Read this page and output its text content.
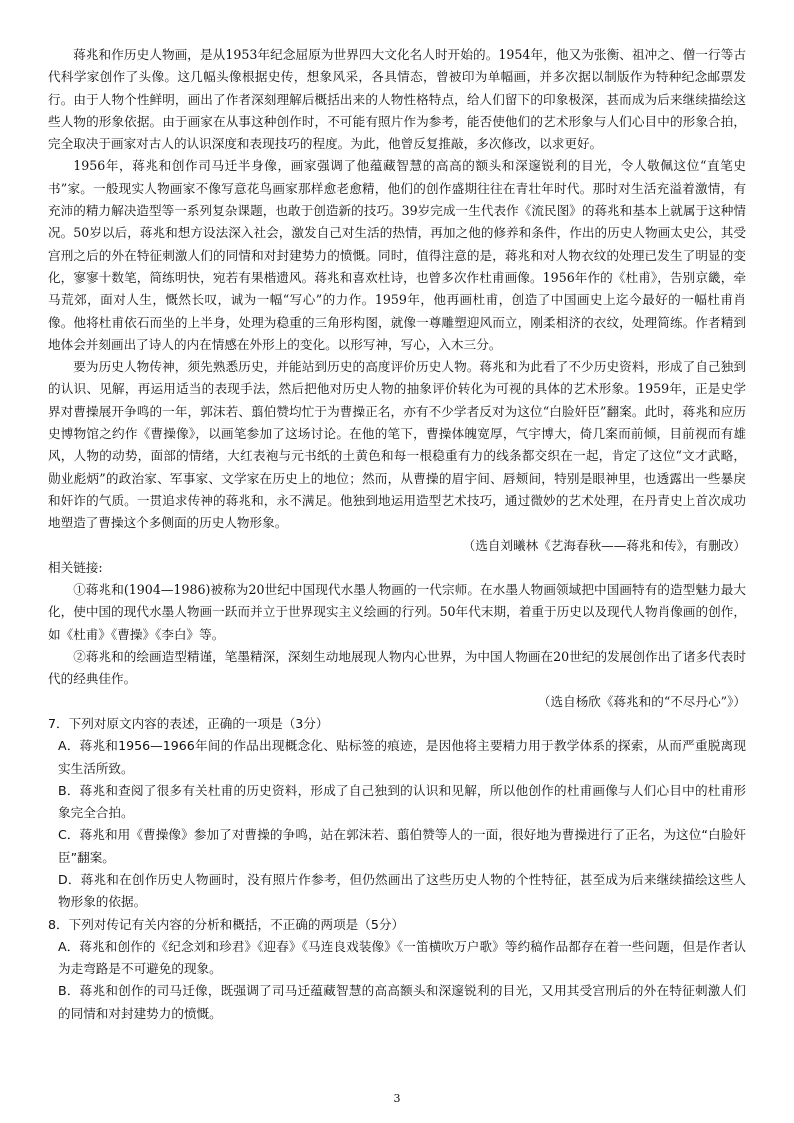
蒋兆和作历史人物画，是从1953年纪念屈原为世界四大文化名人时开始的。1954年，他又为张衡、祖冲之、僧一行等古代科学家创作了头像。这几幅头像根据史传，想象风采，各具情态，曾被印为单幅画，并多次据以制版作为特种纪念邮票发行。由于人物个性鲜明，画出了作者深刻理解后概括出来的人物性格特点，给人们留下的印象极深，甚而成为后来继续描绘这些人物的形象依据。由于画家在从事这种创作时，不可能有照片作为参考，能否使他们的艺术形象与人们心目中的形象合拍，完全取决于画家对古人的认识深度和表现技巧的程度。为此，他曾反复推敲，多次修改，以求更好。

1956年，蒋兆和创作司马迁半身像，画家强调了他蕴藏智慧的高高的额头和深邃锐利的目光，令人敬佩这位“直笔史书”家。一般现实人物画家不像写意花鸟画家那样愈老愈精，他们的创作盛期往往在青壮年时代。那时对生活充溢着激情，有充沛的精力解决造型等一系列复杂课题，也敢于创造新的技巧。39岁完成一生代表作《流民图》的蒋兆和基本上就属于这种情况。50岁以后，蒋兆和想方设法深入社会，激发自己对生活的热情，再加之他的修养和条件，作出的历史人物画太史公，其受宫刑之后的外在特征刺激人们的同情和对封建势力的愤慨。同时，值得注意的是，蒋兆和对人物衣纹的处理已发生了明显的变化，寥寥十数笔，简练明快，宛若有果楷遗风。蒋兆和喜欢杜诗，也曾多次作杜甫画像。1956年作的《杜甫》，告别京畿，牵马荒郊，面对人生，慨然长叹，诚为一幅“写心”的力作。1959年，他再画杜甫，创造了中国画史上迄今最好的一幅杜甫肖像。他将杜甫依石而坐的上半身，处理为稳重的三角形构图，就像一尊雕塑迎风而立，刚柔相济的衣纹，处理简练。作者精到地体会并刻画出了诗人的内在情感在外形上的变化。以形写神，写心，入木三分。

要为历史人物传神，须先熟悉历史，并能站到历史的高度评价历史人物。蒋兆和为此看了不少历史资料，形成了自己独到的认识、见解，再运用适当的表现手法，然后把他对历史人物的抽象评价转化为可视的具体的艺术形象。1959年，正是史学界对曹操展开争鸣的一年，郭沫若、翦伯赞均忙于为曹操正名，亦有不少学者反对为这位“白脸奸臣”翻案。此时，蒋兆和应历史博物馆之约作《曹操像》，以画笔参加了这场讨论。在他的笔下，曹操体魄宽厚，气宇博大，倚几案而前倾，目前视而有雄风，人物的动势，面部的情绪，大红表袍与元书纸的土黄色和每一根稳重有力的线条都交织在一起，肯定了这位“文才武略，勋业彪炳”的政治家、军事家、文学家在历史上的地位；然而，从曹操的眉宇间、唇颊间，特别是眼神里，也透露出一些暴戾和奸诈的气质。一贯追求传神的蒋兆和，永不满足。他独到地运用造型艺术技巧，通过微妙的艺术处理，在丹青史上首次成功地塑造了曹操这个多侧面的历史人物形象。

（选自刘曦林《艺海春秋——蒋兆和传》，有删改）

相关链接:

①蒋兆和(1904—1986)被称为20世纪中国现代水墨人物画的一代宗师。在水墨人物画领域把中国画特有的造型魅力最大化，使中国的现代水墨人物画一跃而并立于世界现实主义绘画的行列。50年代末期，着重于历史以及现代人物肖像画的创作，如《杜甫》《曹操》《李白》等。

②蒋兆和的绘画造型精谨，笔墨精深，深刻生动地展现人物内心世界，为中国人物画在20世纪的发展创作出了诸多代表时代的经典佳作。

（选自杨欣《蒋兆和的“不尽丹心”》）

7．下列对原文内容的表述，正确的一项是（3分）

A．蒋兆和1956—1966年间的作品出现概念化、贴标签的痕迹，是因他将主要精力用于教学体系的探索，从而严重脱离现实生活所致。

B．蒋兆和查阅了很多有关杜甫的历史资料，形成了自己独到的认识和见解，所以他创作的杜甫画像与人们心目中的杜甫形象完全合拍。

C．蒋兆和用《曹操像》参加了对曹操的争鸣，站在郭沫若、翦伯赞等人的一面，很好地为曹操进行了正名，为这位“白脸奸臣”翻案。

D．蒋兆和在创作历史人物画时，没有照片作参考，但仍然画出了这些历史人物的个性特征，甚至成为后来继续描绘这些人物形象的依据。

8．下列对传记有关内容的分析和概括，不正确的两项是（5分）

A．蒋兆和创作的《纪念刘和珍君》《迎春》《马连良戏装像》《一笛横吹万户歌》等约稿作品都存在着一些问题，但是作者认为走弯路是不可避免的现象。

B．蒋兆和创作的司马迁像，既强调了司马迁蕴藏智慧的高高额头和深邃锐利的目光，又用其受宫刑后的外在特征刺激人们的同情和对封建势力的愤慨。

3
